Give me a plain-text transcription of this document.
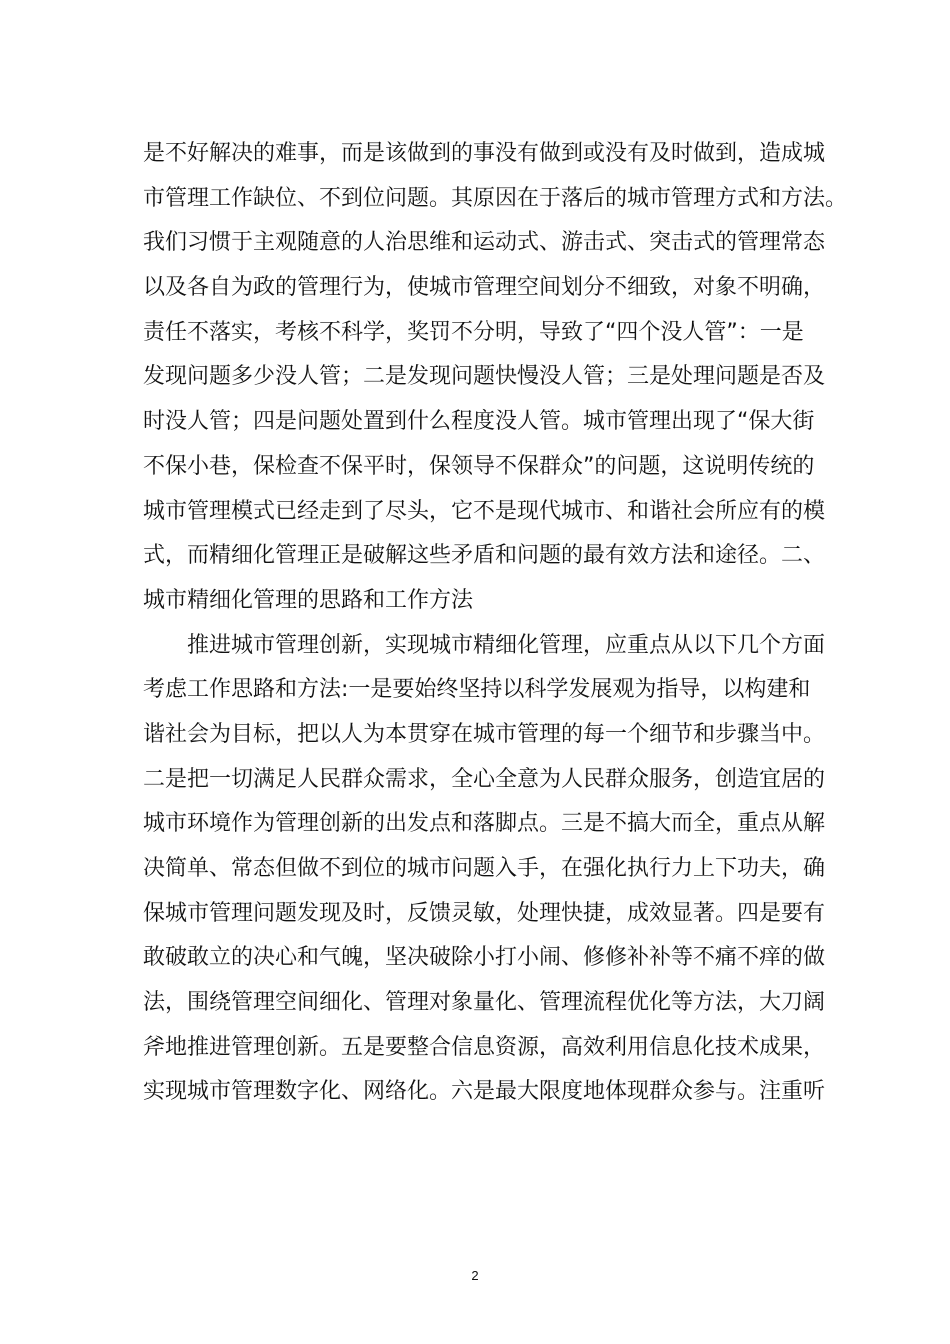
是不好解决的难事，而是该做到的事没有做到或没有及时做到，造成城
市管理工作缺位、不到位问题。其原因在于落后的城市管理方式和方法。
我们习惯于主观随意的人治思维和运动式、游击式、突击式的管理常态
以及各自为政的管理行为，使城市管理空间划分不细致，对象不明确，
责任不落实，考核不科学，奖罚不分明，导致了“四个没人管”：一是
发现问题多少没人管；二是发现问题快慢没人管；三是处理问题是否及
时没人管；四是问题处置到什么程度没人管。城市管理出现了“保大街
不保小巷，保检查不保平时，保领导不保群众”的问题，这说明传统的
城市管理模式已经走到了尽头，它不是现代城市、和谐社会所应有的模
式，而精细化管理正是破解这些矛盾和问题的最有效方法和途径。二、
城市精细化管理的思路和工作方法
推进城市管理创新，实现城市精细化管理，应重点从以下几个方面
考虑工作思路和方法:一是要始终坚持以科学发展观为指导，以构建和
谐社会为目标，把以人为本贯穿在城市管理的每一个细节和步骤当中。
二是把一切满足人民群众需求，全心全意为人民群众服务，创造宜居的
城市环境作为管理创新的出发点和落脚点。三是不搞大而全，重点从解
决简单、常态但做不到位的城市问题入手，在强化执行力上下功夫，确
保城市管理问题发现及时，反馈灵敏，处理快捷，成效显著。四是要有
敢破敢立的决心和气魄，坚决破除小打小闹、修修补补等不痛不痒的做
法，围绕管理空间细化、管理对象量化、管理流程优化等方法，大刀阔
斧地推进管理创新。五是要整合信息资源，高效利用信息化技术成果，
实现城市管理数字化、网络化。六是最大限度地体现群众参与。注重听
2
